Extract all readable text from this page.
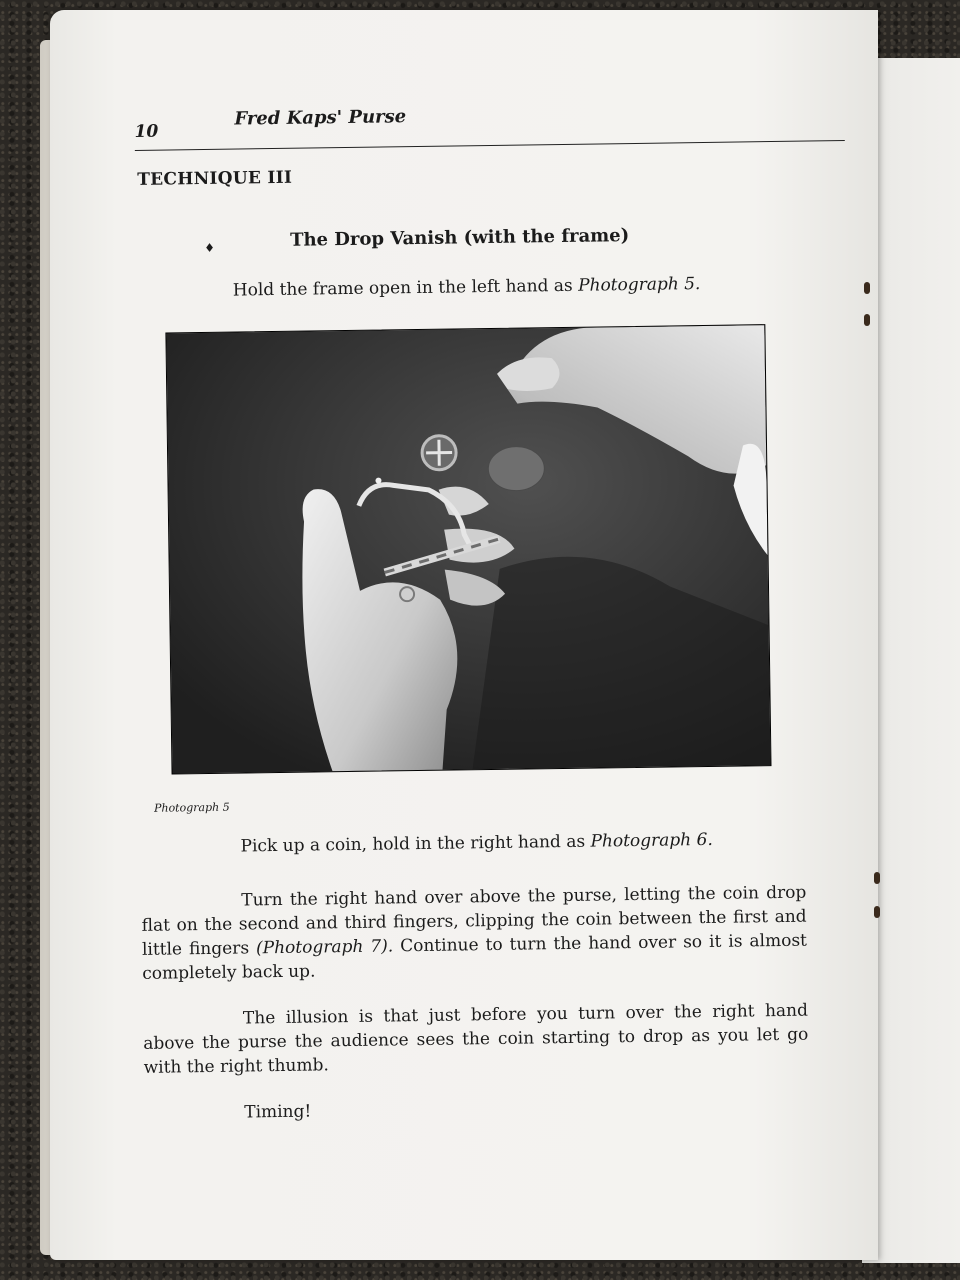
10
Fred Kaps' Purse
TECHNIQUE III
♦	The Drop Vanish (with the frame)
Hold the frame open in the left hand as Photograph 5.
Photograph 5
Pick up a coin, hold in the right hand as Photograph 6.
Turn the right hand over above the purse, letting the coin drop flat on the second and third fingers, clipping the coin between the first and little fingers (Photograph 7). Continue to turn the hand over so it is almost completely back up.
The illusion is that just before you turn over the right hand above the purse the audience sees the coin starting to drop as you let go with the right thumb.
Timing!
